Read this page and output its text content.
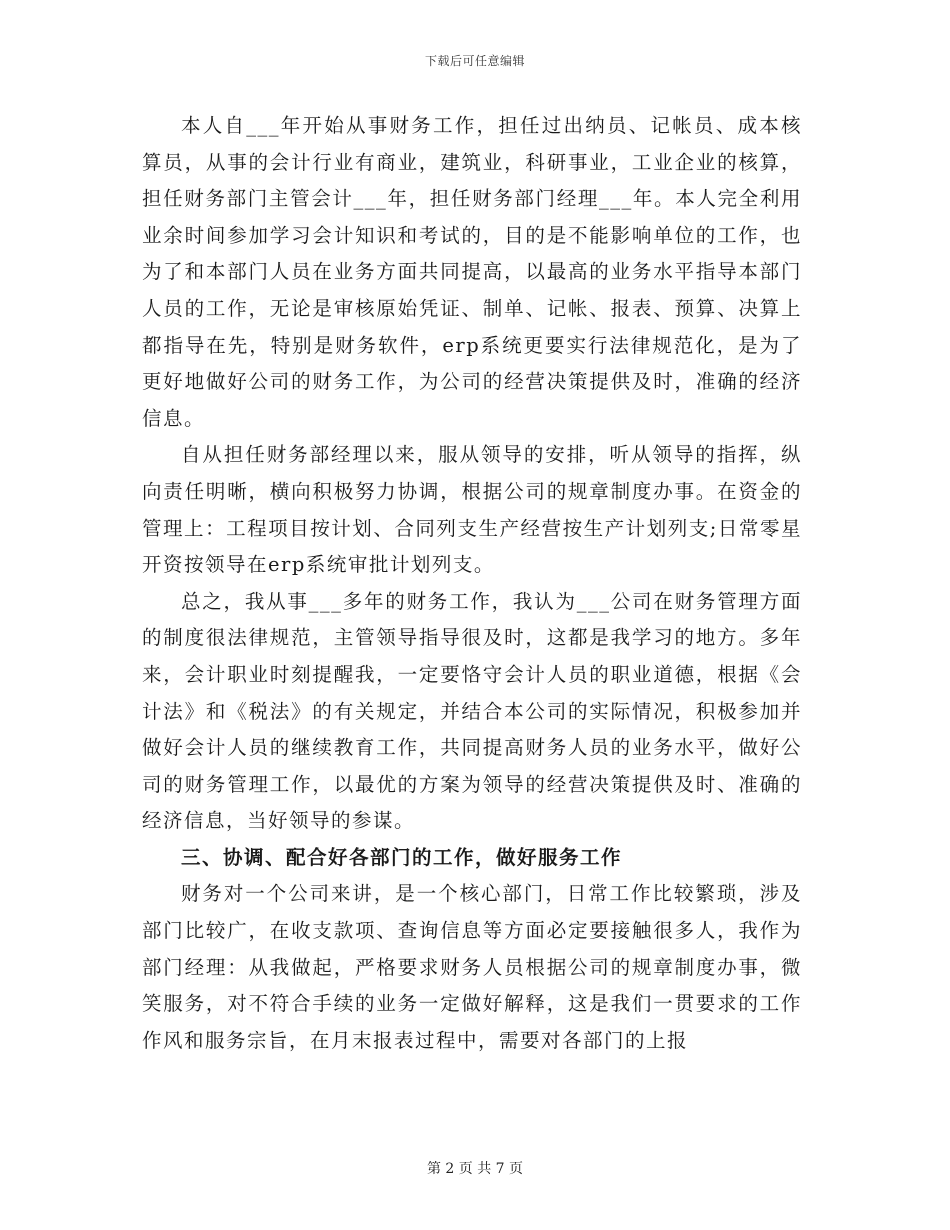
下载后可任意编辑

本人自___年开始从事财务工作，担任过出纳员、记帐员、成本核算员，从事的会计行业有商业，建筑业，科研事业，工业企业的核算，担任财务部门主管会计___年，担任财务部门经理___年。本人完全利用业余时间参加学习会计知识和考试的，目的是不能影响单位的工作，也为了和本部门人员在业务方面共同提高，以最高的业务水平指导本部门人员的工作，无论是审核原始凭证、制单、记帐、报表、预算、决算上都指导在先，特别是财务软件，erp系统更要实行法律规范化，是为了更好地做好公司的财务工作，为公司的经营决策提供及时，准确的经济信息。

自从担任财务部经理以来，服从领导的安排，听从领导的指挥，纵向责任明晰，横向积极努力协调，根据公司的规章制度办事。在资金的管理上：工程项目按计划、合同列支生产经营按生产计划列支;日常零星开资按领导在erp系统审批计划列支。

总之，我从事___多年的财务工作，我认为___公司在财务管理方面的制度很法律规范，主管领导指导很及时，这都是我学习的地方。多年来，会计职业时刻提醒我，一定要恪守会计人员的职业道德，根据《会计法》和《税法》的有关规定，并结合本公司的实际情况，积极参加并做好会计人员的继续教育工作，共同提高财务人员的业务水平，做好公司的财务管理工作，以最优的方案为领导的经营决策提供及时、准确的经济信息，当好领导的参谋。

三、协调、配合好各部门的工作，做好服务工作

财务对一个公司来讲，是一个核心部门，日常工作比较繁琐，涉及部门比较广，在收支款项、查询信息等方面必定要接触很多人，我作为部门经理：从我做起，严格要求财务人员根据公司的规章制度办事，微笑服务，对不符合手续的业务一定做好解释，这是我们一贯要求的工作作风和服务宗旨，在月末报表过程中，需要对各部门的上报

第 2 页 共 7 页
